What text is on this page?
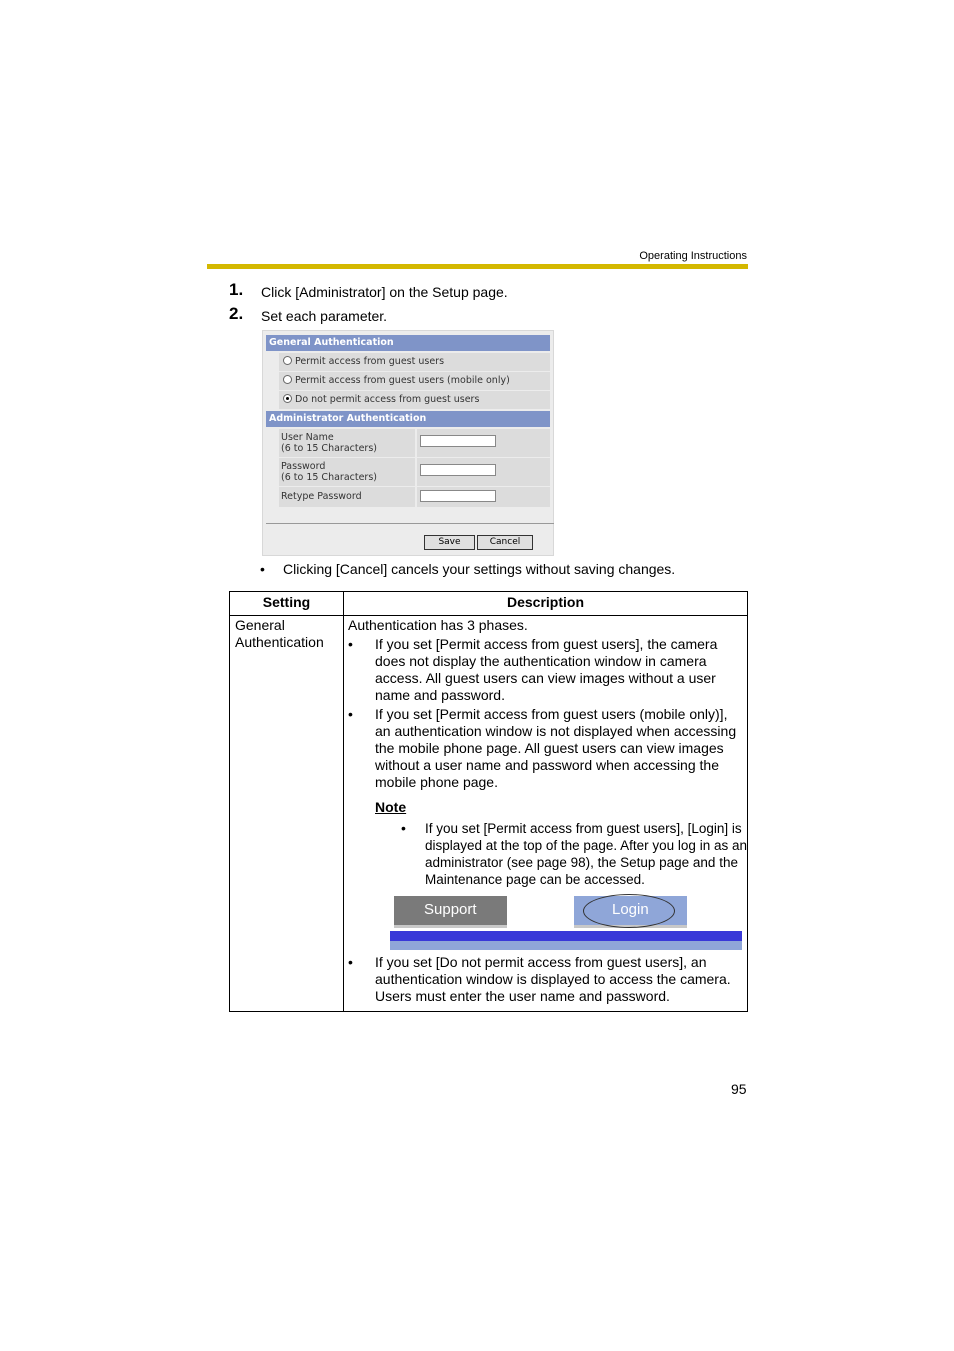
Operating Instructions
1. Click [Administrator] on the Setup page.
2. Set each parameter.
General Authentication
Permit access from guest users
Permit access from guest users (mobile only)
Do not permit access from guest users
Administrator Authentication
User Name
(6 to 15 Characters)
Password
(6 to 15 Characters)
Retype Password
Save	Cancel
• Clicking [Cancel] cancels your settings without saving changes.
Setting	Description
General
Authentication
Authentication has 3 phases.
• If you set [Permit access from guest users], the camera does not display the authentication window in camera access. All guest users can view images without a user name and password.
• If you set [Permit access from guest users (mobile only)], an authentication window is not displayed when accessing the mobile phone page. All guest users can view images without a user name and password when accessing the mobile phone page.
Note
• If you set [Permit access from guest users], [Login] is displayed at the top of the page. After you log in as an administrator (see page 98), the Setup page and the Maintenance page can be accessed.
Support	Login
• If you set [Do not permit access from guest users], an authentication window is displayed to access the camera. Users must enter the user name and password.
95
